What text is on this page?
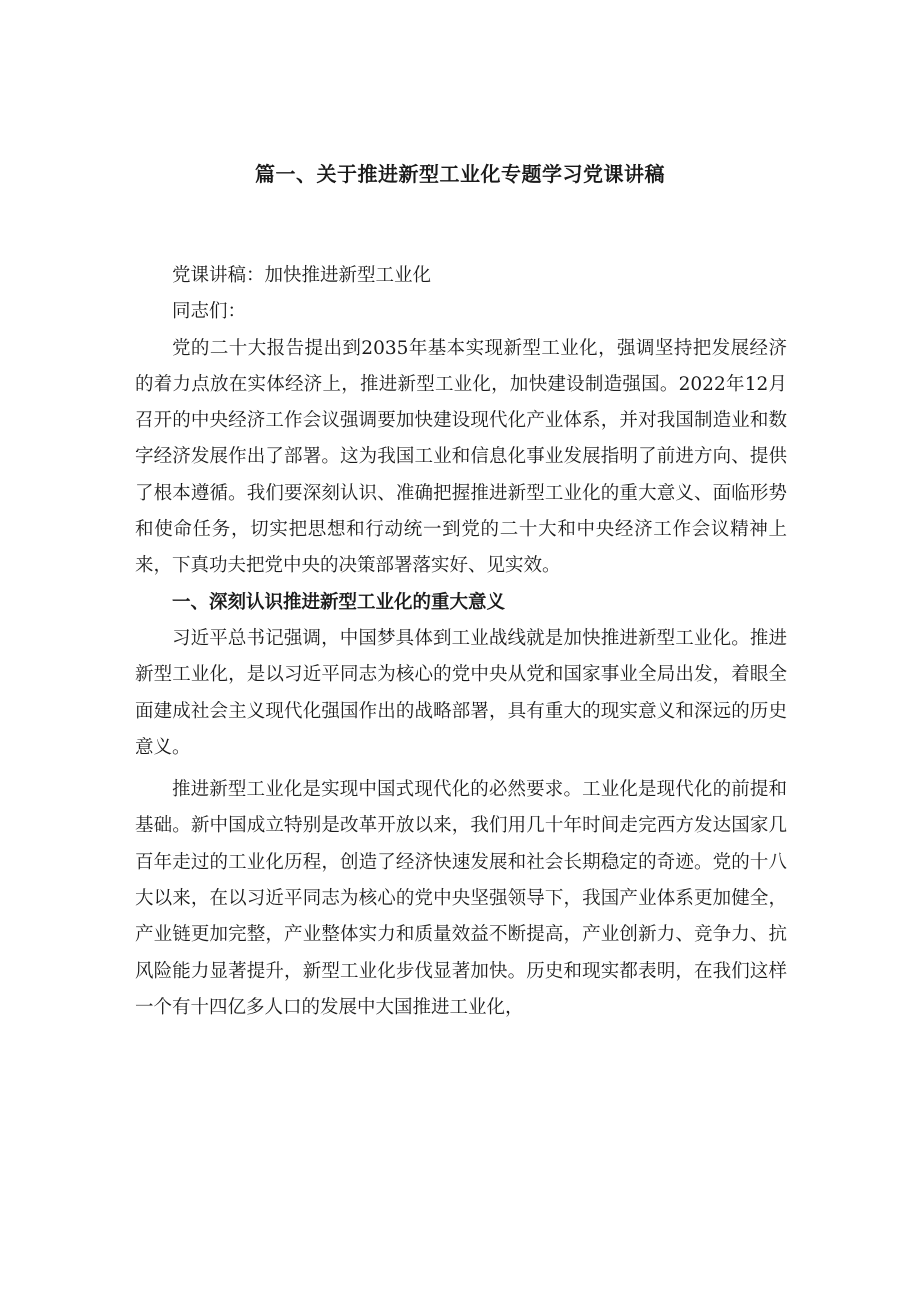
篇一、关于推进新型工业化专题学习党课讲稿

党课讲稿：加快推进新型工业化

同志们：

党的二十大报告提出到2035年基本实现新型工业化，强调坚持把发展经济的着力点放在实体经济上，推进新型工业化，加快建设制造强国。2022年12月召开的中央经济工作会议强调要加快建设现代化产业体系，并对我国制造业和数字经济发展作出了部署。这为我国工业和信息化事业发展指明了前进方向、提供了根本遵循。我们要深刻认识、准确把握推进新型工业化的重大意义、面临形势和使命任务，切实把思想和行动统一到党的二十大和中央经济工作会议精神上来，下真功夫把党中央的决策部署落实好、见实效。

一、深刻认识推进新型工业化的重大意义

习近平总书记强调，中国梦具体到工业战线就是加快推进新型工业化。推进新型工业化，是以习近平同志为核心的党中央从党和国家事业全局出发，着眼全面建成社会主义现代化强国作出的战略部署，具有重大的现实意义和深远的历史意义。

推进新型工业化是实现中国式现代化的必然要求。工业化是现代化的前提和基础。新中国成立特别是改革开放以来，我们用几十年时间走完西方发达国家几百年走过的工业化历程，创造了经济快速发展和社会长期稳定的奇迹。党的十八大以来，在以习近平同志为核心的党中央坚强领导下，我国产业体系更加健全，产业链更加完整，产业整体实力和质量效益不断提高，产业创新力、竞争力、抗风险能力显著提升，新型工业化步伐显著加快。历史和现实都表明，在我们这样一个有十四亿多人口的发展中大国推进工业化，
